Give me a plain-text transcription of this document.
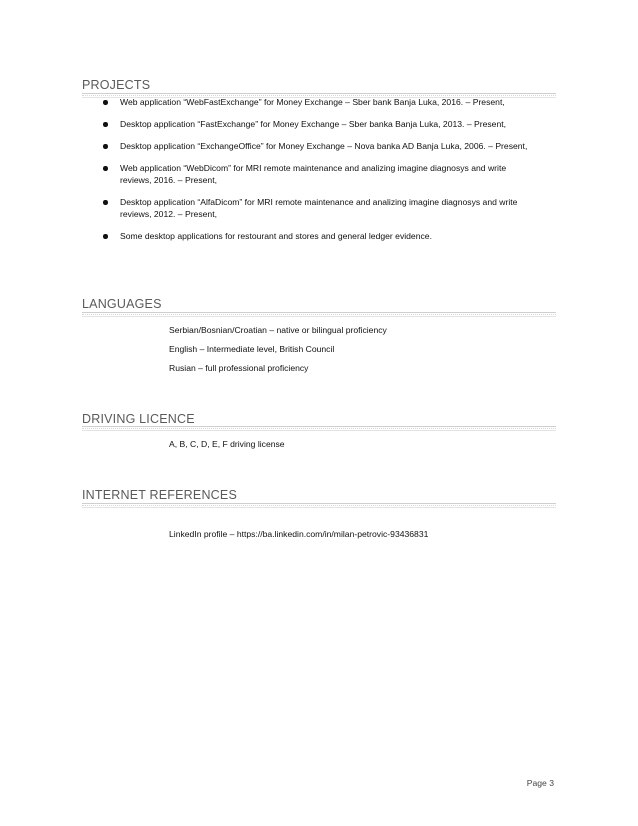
PROJECTS
Web application “WebFastExchange” for Money Exchange – Sber bank Banja Luka, 2016. – Present,
Desktop application “FastExchange” for Money Exchange – Sber banka Banja Luka, 2013. – Present,
Desktop application “ExchangeOffice” for Money Exchange – Nova banka AD Banja Luka, 2006. – Present,
Web application “WebDicom” for MRI remote maintenance and analizing imagine diagnosys and write reviews, 2016. – Present,
Desktop application “AlfaDicom” for MRI remote maintenance and analizing imagine diagnosys and write reviews, 2012. – Present,
Some desktop applications for restourant and stores and general ledger evidence.
LANGUAGES
Serbian/Bosnian/Croatian – native or bilingual proficiency
English – Intermediate level, British Council
Rusian – full professional proficiency
DRIVING LICENCE
A, B, C, D, E, F driving license
INTERNET REFERENCES
LinkedIn profile – https://ba.linkedin.com/in/milan-petrovic-93436831
Page 3
